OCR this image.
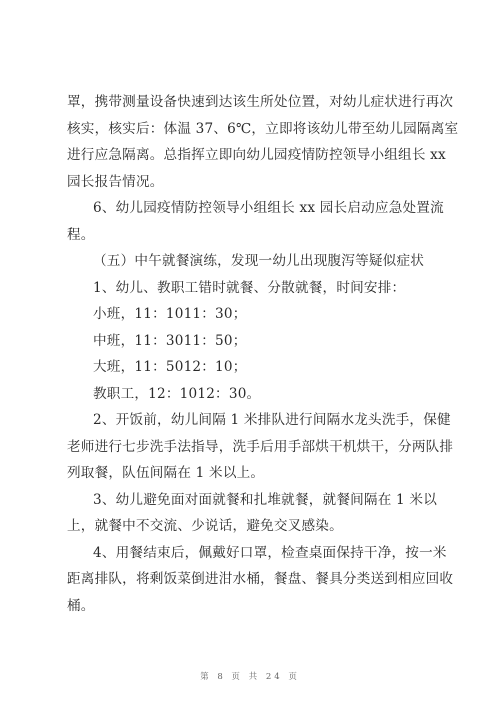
罩，携带测量设备快速到达该生所处位置，对幼儿症状进行再次
核实，核实后：体温 37、6℃，立即将该幼儿带至幼儿园隔离室
进行应急隔离。总指挥立即向幼儿园疫情防控领导小组组长 xx
园长报告情况。
6、幼儿园疫情防控领导小组组长 xx 园长启动应急处置流
程。
（五）中午就餐演练，发现一幼儿出现腹泻等疑似症状
1、幼儿、教职工错时就餐、分散就餐，时间安排：
小班，11：1011：30；
中班，11：3011：50；
大班，11：5012：10；
教职工，12：1012：30。
2、开饭前，幼儿间隔 1 米排队进行间隔水龙头洗手，保健
老师进行七步洗手法指导，洗手后用手部烘干机烘干，分两队排
列取餐，队伍间隔在 1 米以上。
3、幼儿避免面对面就餐和扎堆就餐，就餐间隔在 1 米以
上，就餐中不交流、少说话，避免交叉感染。
4、用餐结束后，佩戴好口罩，检查桌面保持干净，按一米
距离排队，将剩饭菜倒进泔水桶，餐盘、餐具分类送到相应回收
桶。
第 8 页 共 24 页
